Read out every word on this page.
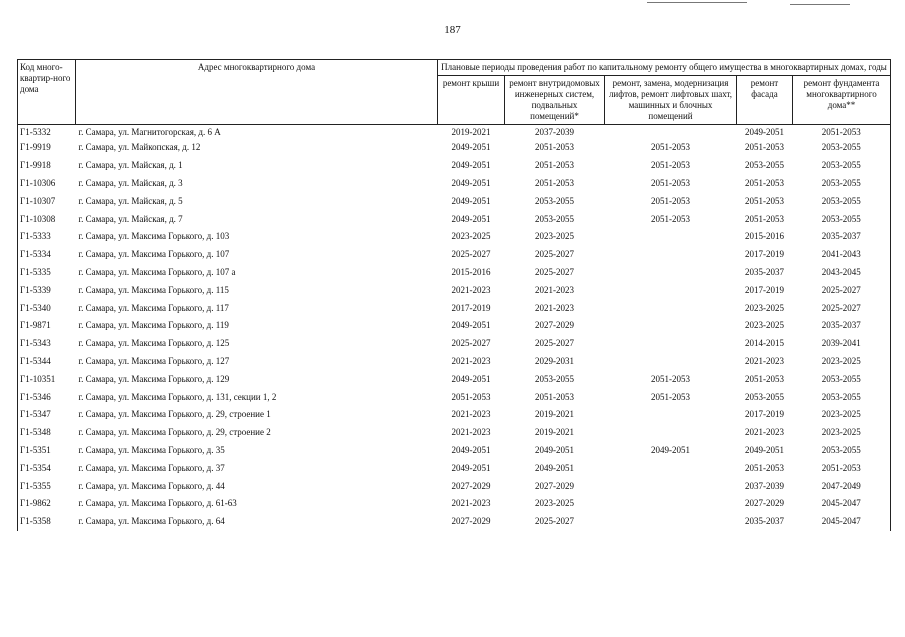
187
Код много-квартир-ного дома	Адрес многоквартирного дома	Плановые периоды проведения работ по капитальному ремонту общего имущества в многоквартирных домах, годы				
		ремонт крыши	ремонт внутридомовых инженерных систем, подвальных помещений*	ремонт, замена, модернизация лифтов, ремонт лифтовых шахт, машинных и блочных помещений	ремонт фасада	ремонт фундамента многоквартирного дома**
Г1-5332	г. Самара, ул. Магнитогорская, д. 6 А	2019-2021	2037-2039		2049-2051	2051-2053
Г1-9919	г. Самара, ул. Майкопская, д. 12	2049-2051	2051-2053	2051-2053	2051-2053	2053-2055
Г1-9918	г. Самара, ул. Майская, д. 1	2049-2051	2051-2053	2051-2053	2053-2055	2053-2055
Г1-10306	г. Самара, ул. Майская, д. 3	2049-2051	2051-2053	2051-2053	2051-2053	2053-2055
Г1-10307	г. Самара, ул. Майская, д. 5	2049-2051	2053-2055	2051-2053	2051-2053	2053-2055
Г1-10308	г. Самара, ул. Майская, д. 7	2049-2051	2053-2055	2051-2053	2051-2053	2053-2055
Г1-5333	г. Самара, ул. Максима Горького, д. 103	2023-2025	2023-2025		2015-2016	2035-2037
Г1-5334	г. Самара, ул. Максима Горького, д. 107	2025-2027	2025-2027		2017-2019	2041-2043
Г1-5335	г. Самара, ул. Максима Горького, д. 107 а	2015-2016	2025-2027		2035-2037	2043-2045
Г1-5339	г. Самара, ул. Максима Горького, д. 115	2021-2023	2021-2023		2017-2019	2025-2027
Г1-5340	г. Самара, ул. Максима Горького, д. 117	2017-2019	2021-2023		2023-2025	2025-2027
Г1-9871	г. Самара, ул. Максима Горького, д. 119	2049-2051	2027-2029		2023-2025	2035-2037
Г1-5343	г. Самара, ул. Максима Горького, д. 125	2025-2027	2025-2027		2014-2015	2039-2041
Г1-5344	г. Самара, ул. Максима Горького, д. 127	2021-2023	2029-2031		2021-2023	2023-2025
Г1-10351	г. Самара, ул. Максима Горького, д. 129	2049-2051	2053-2055	2051-2053	2051-2053	2053-2055
Г1-5346	г. Самара, ул. Максима Горького, д. 131, секции 1, 2	2051-2053	2051-2053	2051-2053	2053-2055	2053-2055
Г1-5347	г. Самара, ул. Максима Горького, д. 29, строение 1	2021-2023	2019-2021		2017-2019	2023-2025
Г1-5348	г. Самара, ул. Максима Горького, д. 29, строение 2	2021-2023	2019-2021		2021-2023	2023-2025
Г1-5351	г. Самара, ул. Максима Горького, д. 35	2049-2051	2049-2051	2049-2051	2049-2051	2053-2055
Г1-5354	г. Самара, ул. Максима Горького, д. 37	2049-2051	2049-2051		2051-2053	2051-2053
Г1-5355	г. Самара, ул. Максима Горького, д. 44	2027-2029	2027-2029		2037-2039	2047-2049
Г1-9862	г. Самара, ул. Максима Горького, д. 61-63	2021-2023	2023-2025		2027-2029	2045-2047
Г1-5358	г. Самара, ул. Максима Горького, д. 64	2027-2029	2025-2027		2035-2037	2045-2047
